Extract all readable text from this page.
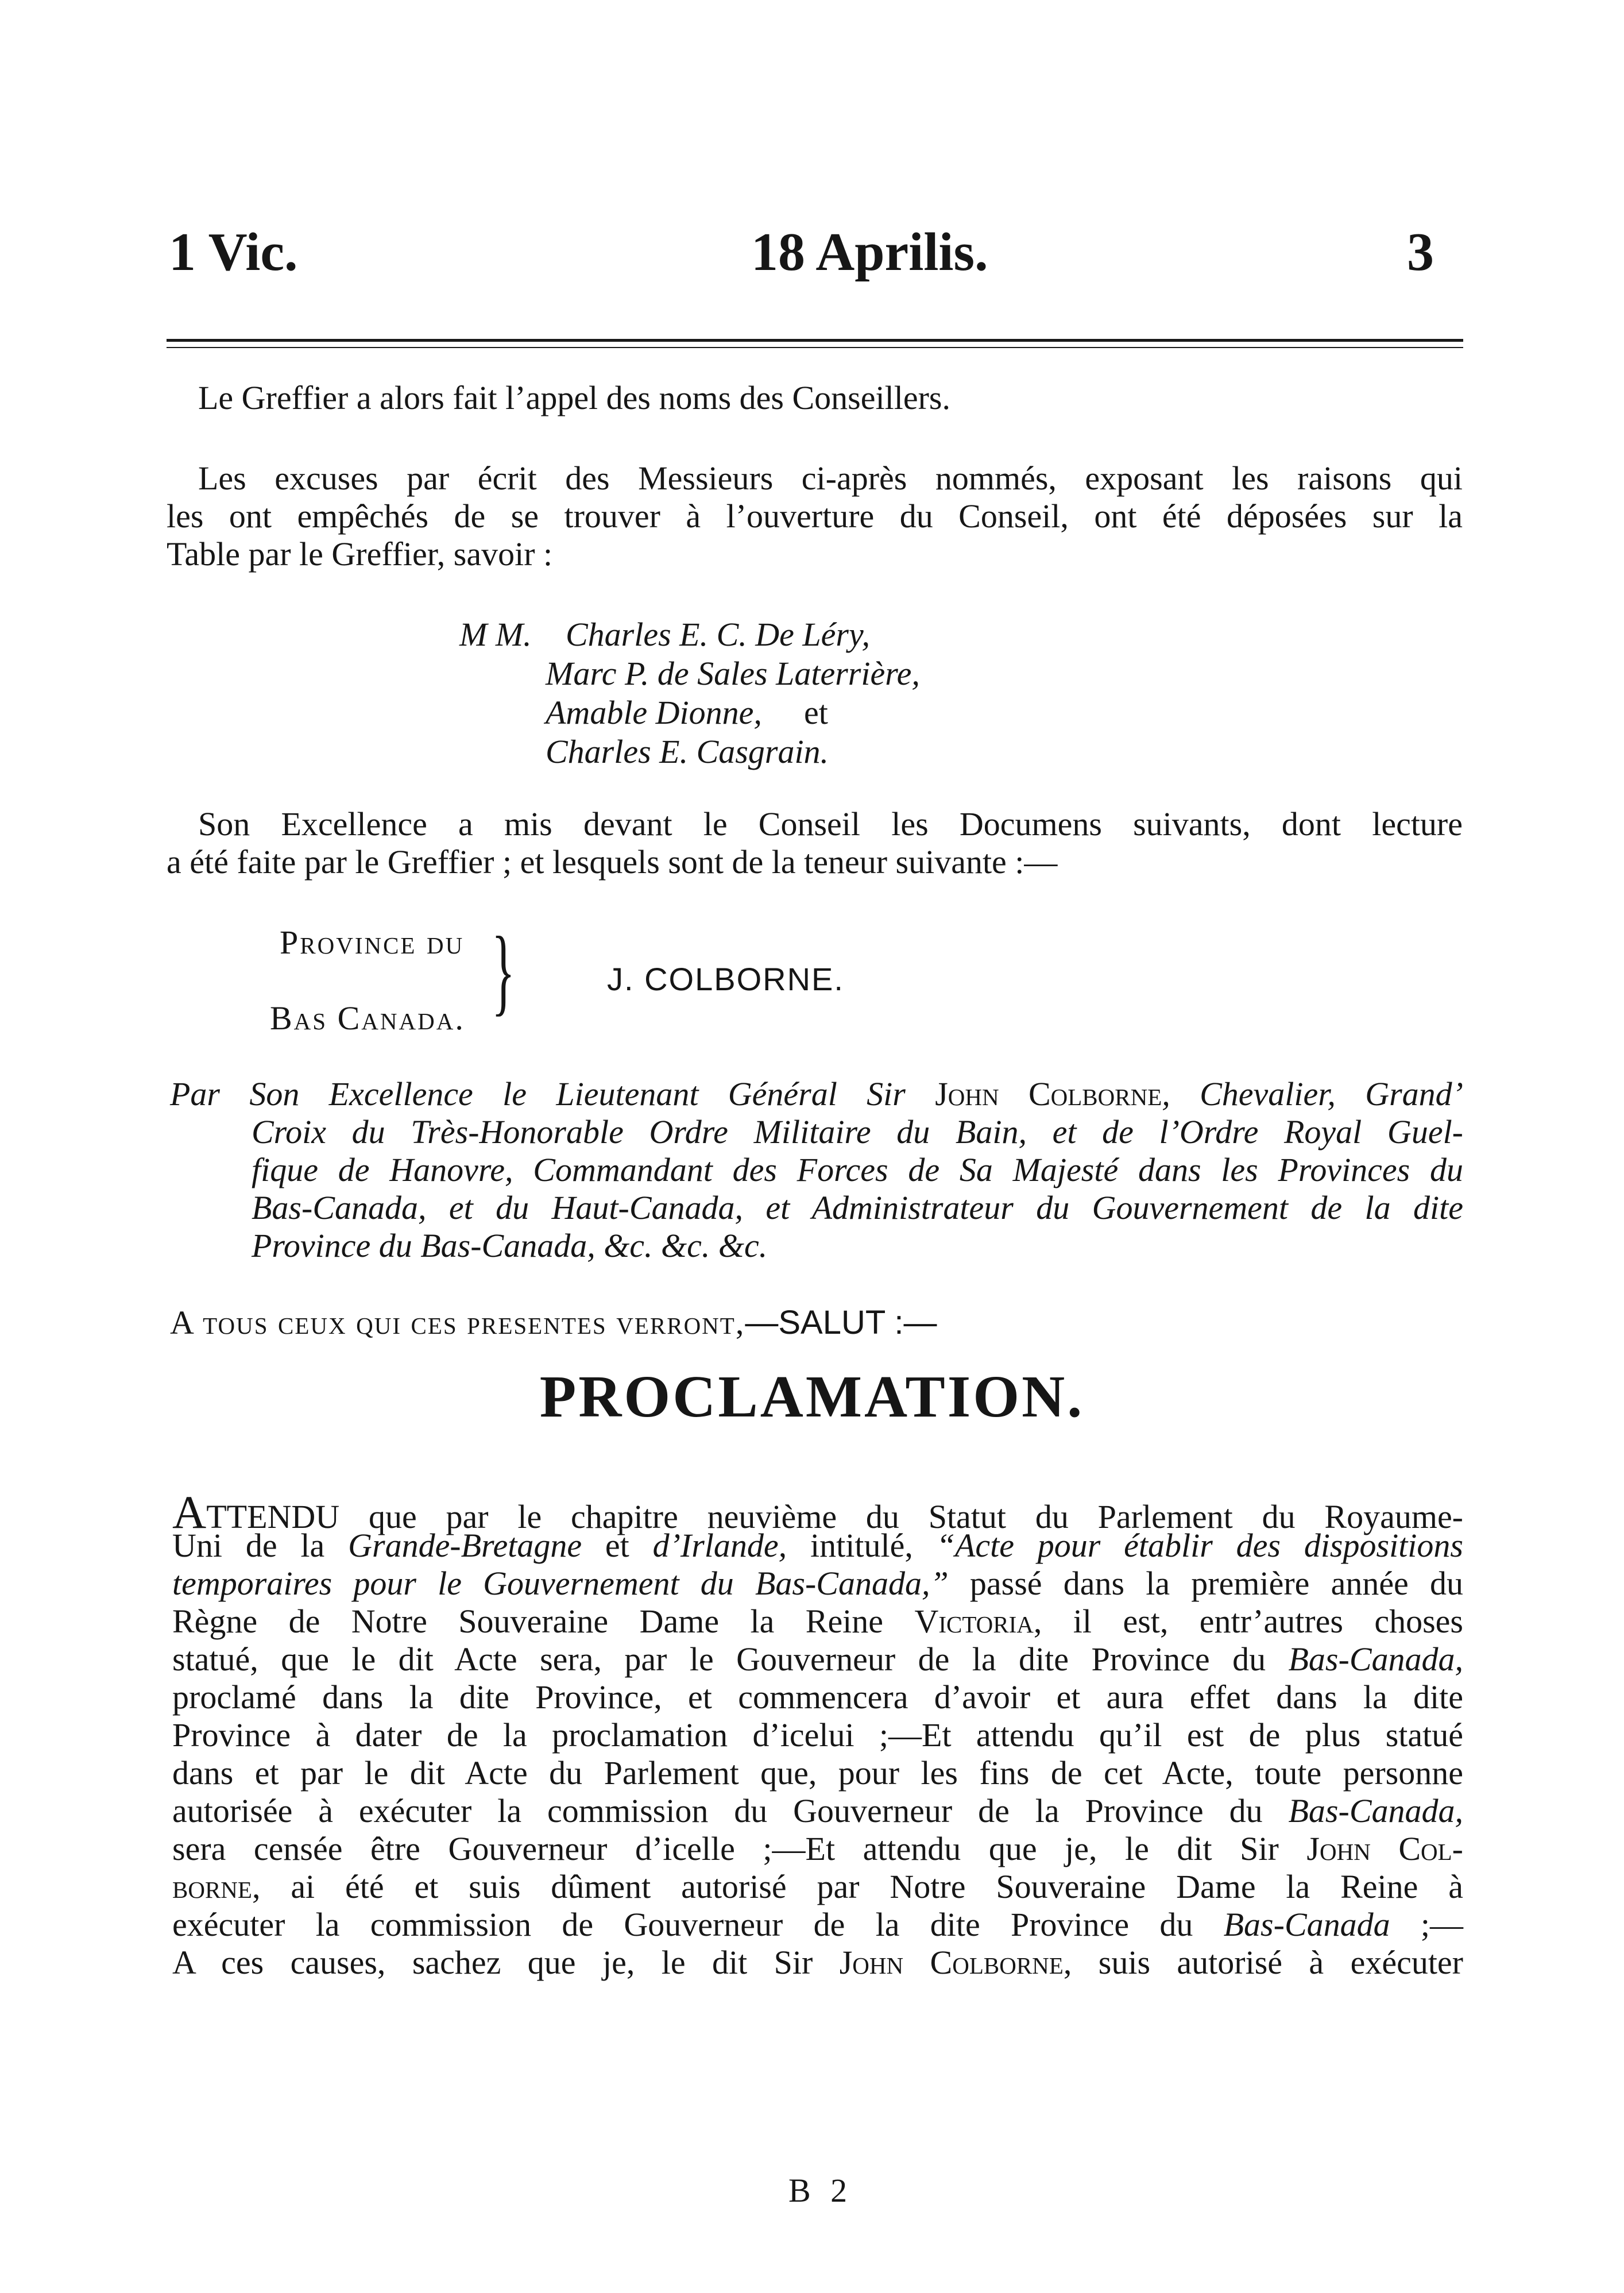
1 Vic.	18 Aprilis.	3
Le Greffier a alors fait l’appel des noms des Conseillers.
Les excuses par écrit des Messieurs ci-après nommés, exposant les raisons qui
les ont empêchés de se trouver à l’ouverture du Conseil, ont été déposées sur la
Table par le Greffier, savoir :
M M. Charles E. C. De Léry,
Marc P. de Sales Laterrière,
Amable Dionne, et
Charles E. Casgrain.
Son Excellence a mis devant le Conseil les Documens suivants, dont lecture
a été faite par le Greffier ; et lesquels sont de la teneur suivante :—
Province du
Bas Canada. }	J. COLBORNE.
Par Son Excellence le Lieutenant Général Sir John Colborne, Chevalier, Grand’
Croix du Très-Honorable Ordre Militaire du Bain, et de l’Ordre Royal Guel-
fique de Hanovre, Commandant des Forces de Sa Majesté dans les Provinces du
Bas-Canada, et du Haut-Canada, et Administrateur du Gouvernement de la dite
Province du Bas-Canada, &c. &c. &c.
A tous ceux qui ces presentes verront,—SALUT :—
PROCLAMATION.
ATTENDU que par le chapitre neuvième du Statut du Parlement du Royaume-
Uni de la Grande-Bretagne et d’Irlande, intitulé, “Acte pour établir des dispositions
temporaires pour le Gouvernement du Bas-Canada,” passé dans la première année du
Règne de Notre Souveraine Dame la Reine Victoria, il est, entr’autres choses
statué, que le dit Acte sera, par le Gouverneur de la dite Province du Bas-Canada,
proclamé dans la dite Province, et commencera d’avoir et aura effet dans la dite
Province à dater de la proclamation d’icelui ;—Et attendu qu’il est de plus statué
dans et par le dit Acte du Parlement que, pour les fins de cet Acte, toute personne
autorisée à exécuter la commission du Gouverneur de la Province du Bas-Canada,
sera censée être Gouverneur d’icelle ;—Et attendu que je, le dit Sir John Col-
borne, ai été et suis dûment autorisé par Notre Souveraine Dame la Reine à
exécuter la commission de Gouverneur de la dite Province du Bas-Canada ;—
A ces causes, sachez que je, le dit Sir John Colborne, suis autorisé à exécuter
B 2
